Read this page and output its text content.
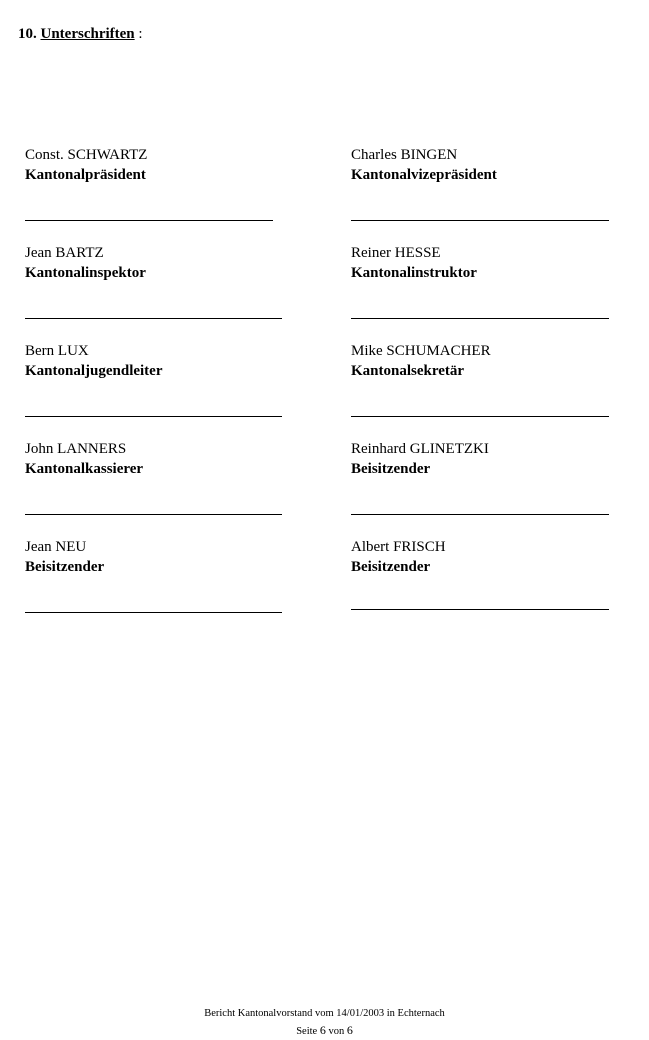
10. Unterschriften :
Const. SCHWARTZ
Kantonalpräsident
Charles BINGEN
Kantonalvizepräsident
Jean BARTZ
Kantonalinspektor
Reiner HESSE
Kantonalinstruktor
Bern LUX
Kantonaljugendleiter
Mike SCHUMACHER
Kantonalsekretär
John LANNERS
Kantonalkassierer
Reinhard GLINETZKI
Beisitzender
Jean NEU
Beisitzender
Albert FRISCH
Beisitzender
Bericht Kantonalvorstand vom 14/01/2003 in Echternach
Seite 6 von 6
